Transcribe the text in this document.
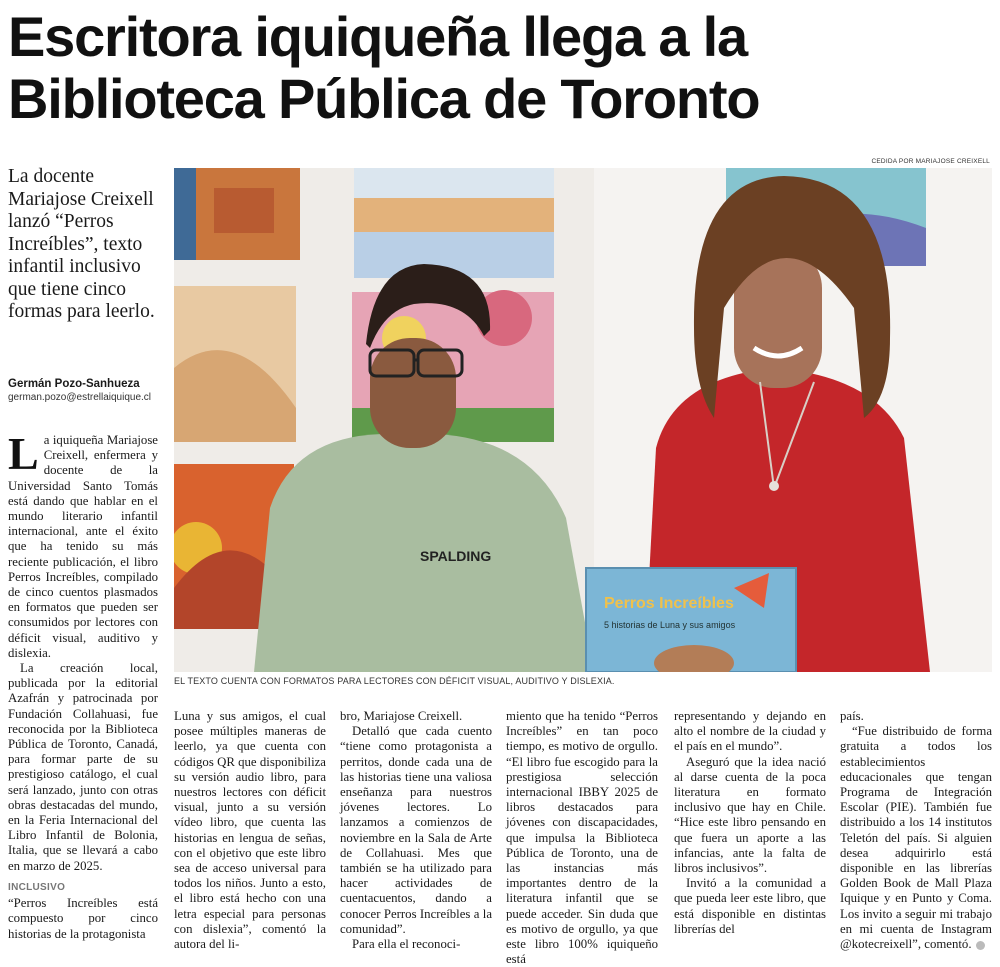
Escritora iquiqueña llega a la Biblioteca Pública de Toronto
La docente Mariajose Creixell lanzó “Perros Increíbles”, texto infantil inclusivo que tiene cinco formas para leerlo.
Germán Pozo-Sanhueza
german.pozo@estrellaiquique.cl
CEDIDA POR MARIAJOSE CREIXELL
SPALDING
Perros Increíbles
5 historias de Luna y sus amigos
EL TEXTO CUENTA CON FORMATOS PARA LECTORES CON DÉFICIT VISUAL, AUDITIVO Y DISLEXIA.

La iquiqueña Mariajose Creixell, enfermera y docente de la Universidad Santo Tomás está dando que hablar en el mundo literario infantil internacional, ante el éxito que ha tenido su más reciente publicación, el libro Perros Increíbles, compilado de cinco cuentos plasmados en formatos que pueden ser consumidos por lectores con déficit visual, auditivo y dislexia.

La creación local, publicada por la editorial Azafrán y patrocinada por Fundación Collahuasi, fue reconocida por la Biblioteca Pública de Toronto, Canadá, para formar parte de su prestigioso catálogo, el cual será lanzado, junto con otras obras destacadas del mundo, en la Feria Internacional del Libro Infantil de Bolonia, Italia, que se llevará a cabo en marzo de 2025.

INCLUSIVO

“Perros Increíbles está compuesto por cinco historias de la protagonista

Luna y sus amigos, el cual posee múltiples maneras de leerlo, ya que cuenta con códigos QR que disponibiliza su versión audio libro, para nuestros lectores con déficit visual, junto a su versión vídeo libro, que cuenta las historias en lengua de señas, con el objetivo que este libro sea de acceso universal para todos los niños. Junto a esto, el libro está hecho con una letra especial para personas con dislexia”, comentó la autora del li-

bro, Mariajose Creixell.

Detalló que cada cuento “tiene como protagonista a perritos, donde cada una de las historias tiene una valiosa enseñanza para nuestros jóvenes lectores. Lo lanzamos a comienzos de noviembre en la Sala de Arte de Collahuasi. Mes que también se ha utilizado para hacer actividades de cuentacuentos, dando a conocer Perros Increíbles a la comunidad”.

Para ella el reconoci-

miento que ha tenido “Perros Increíbles” en tan poco tiempo, es motivo de orgullo. “El libro fue escogido para la prestigiosa selección internacional IBBY 2025 de libros destacados para jóvenes con discapacidades, que impulsa la Biblioteca Pública de Toronto, una de las instancias más importantes dentro de la literatura infantil que se puede acceder. Sin duda que es motivo de orgullo, ya que este libro 100% iquiqueño está

representando y dejando en alto el nombre de la ciudad y el país en el mundo”.

Aseguró que la idea nació al darse cuenta de la poca literatura en formato inclusivo que hay en Chile. “Hice este libro pensando en que fuera un aporte a las infancias, ante la falta de libros inclusivos”.

Invitó a la comunidad a que pueda leer este libro, que está disponible en distintas librerías del

país.

“Fue distribuido de forma gratuita a todos los establecimientos educacionales que tengan Programa de Integración Escolar (PIE). También fue distribuido a los 14 institutos Teletón del país. Si alguien desea adquirirlo está disponible en las librerías Golden Book de Mall Plaza Iquique y en Punto y Coma. Los invito a seguir mi trabajo en mi cuenta de Instagram @kotecreixell”, comentó.
